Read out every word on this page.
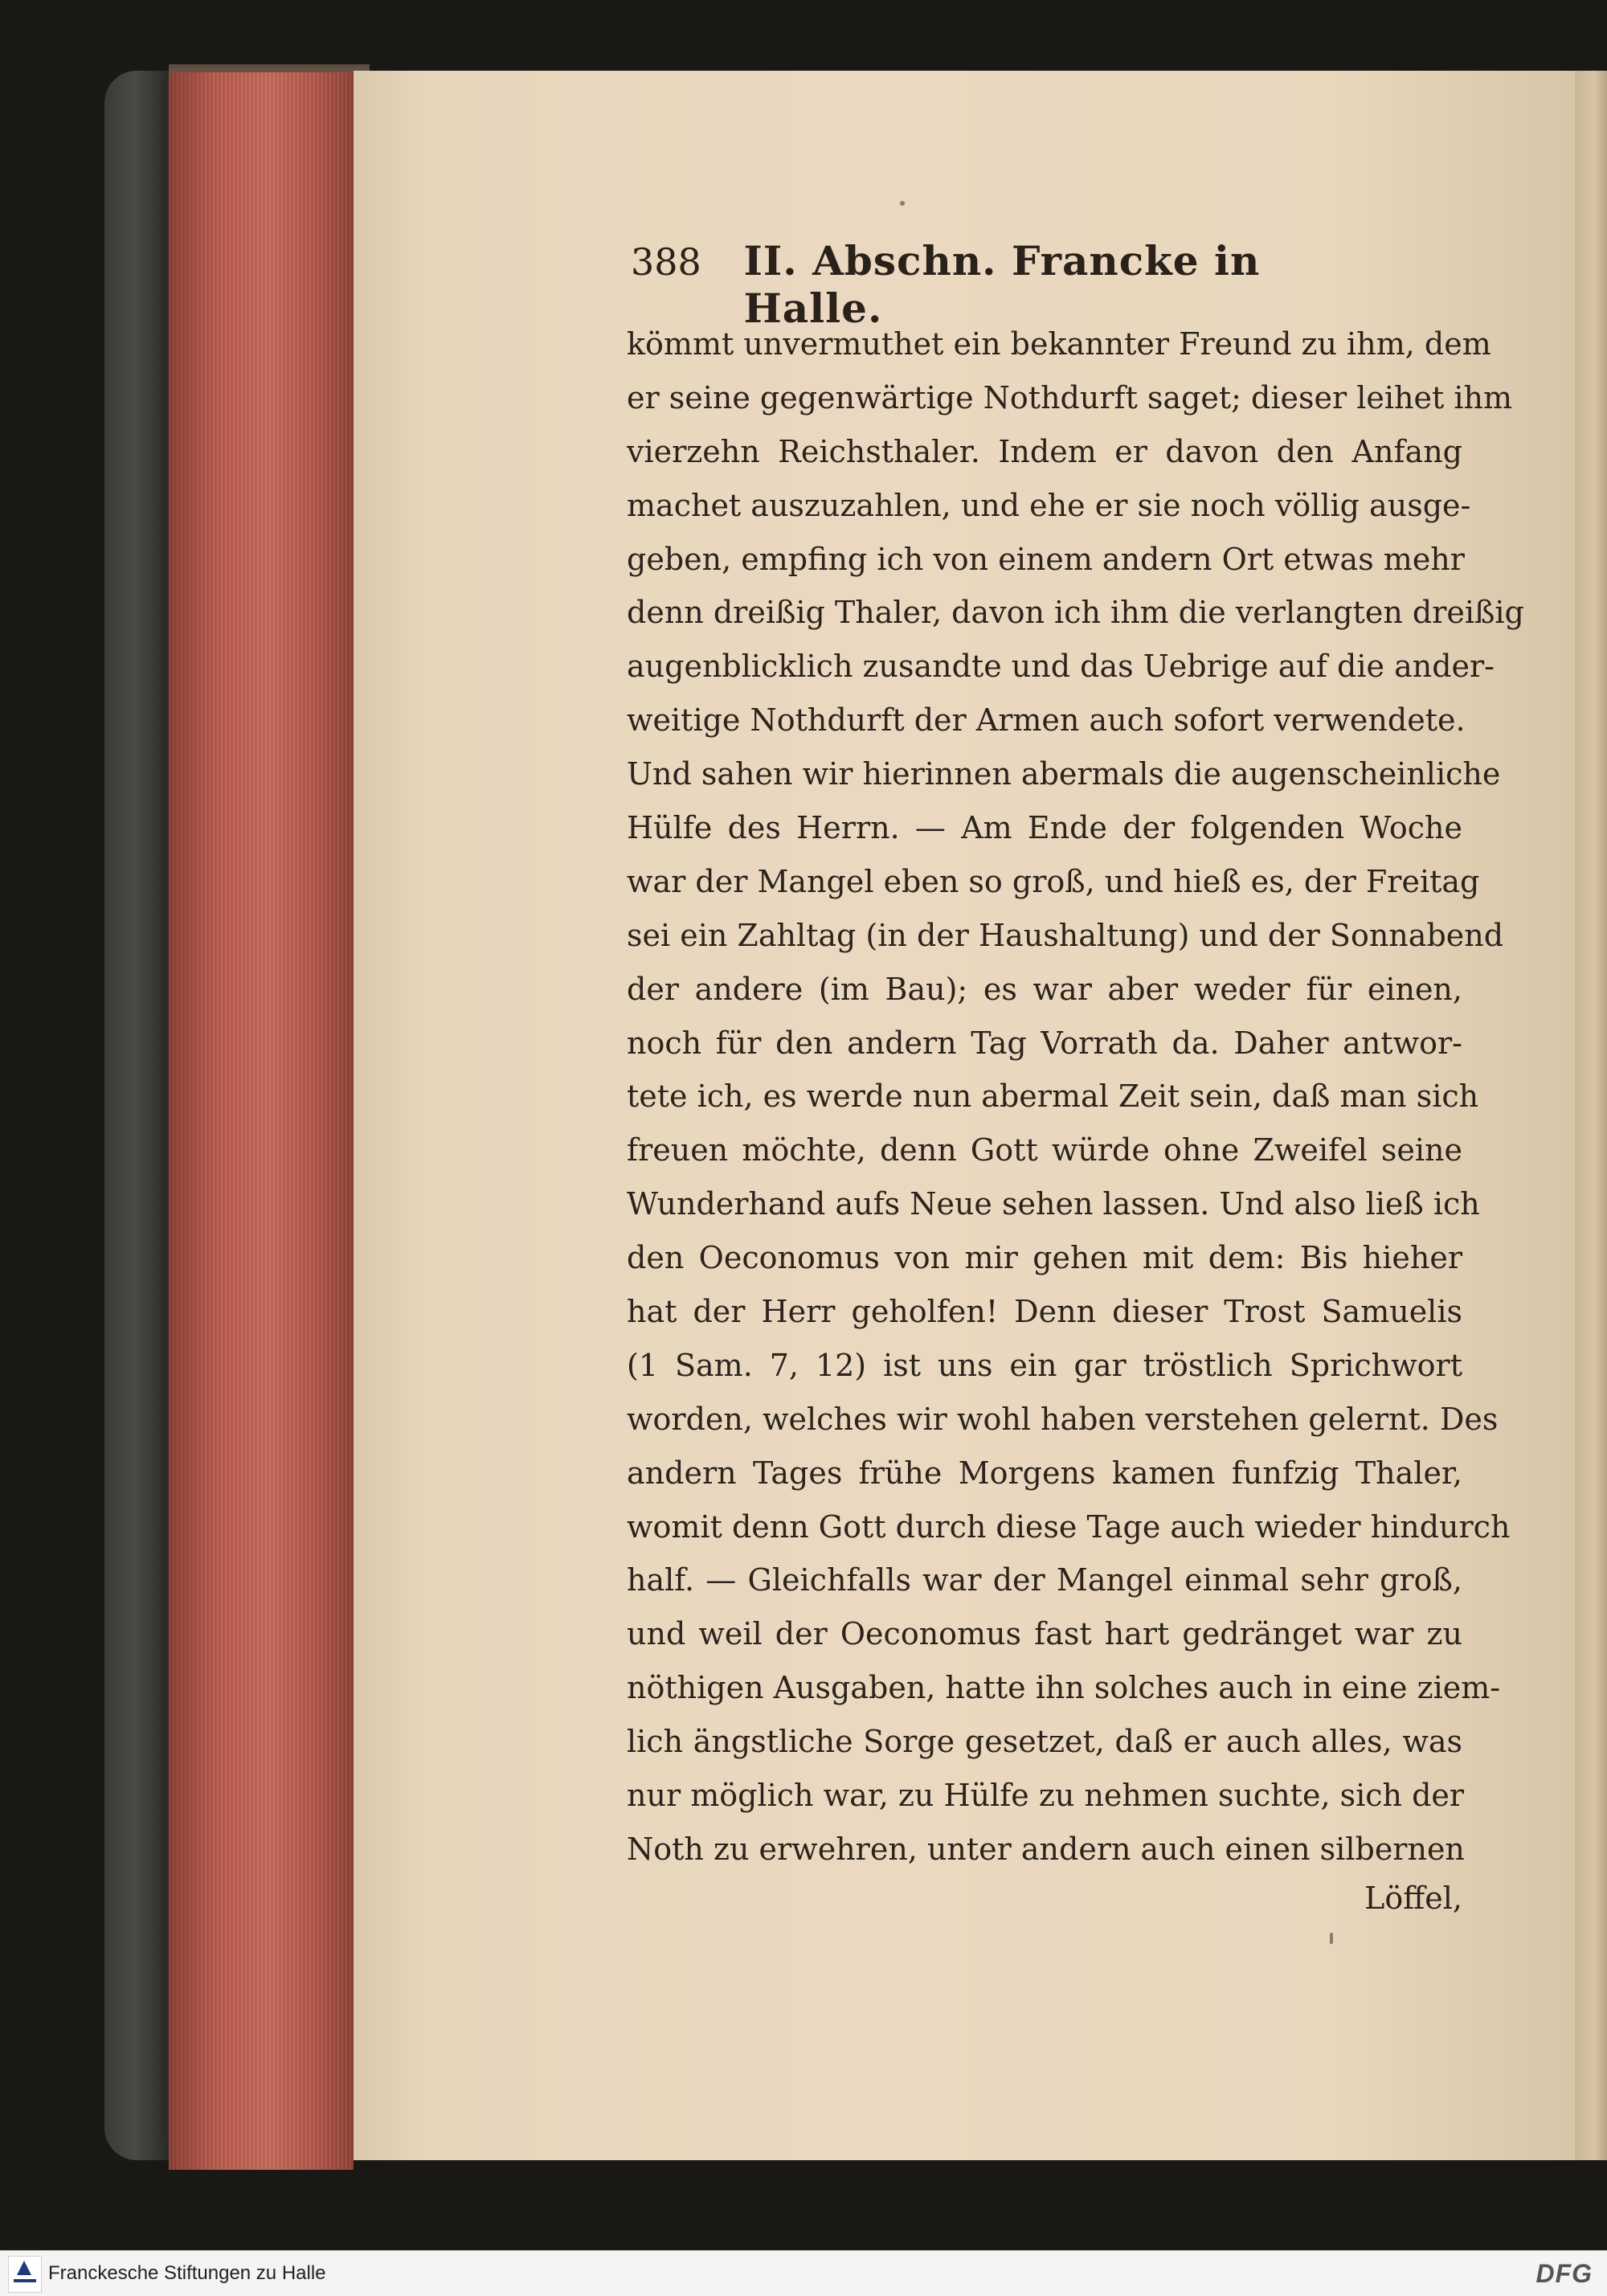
388	II. Abschn. Francke in Halle.
kömmt unvermuthet ein bekannter Freund zu ihm, dem
er seine gegenwärtige Nothdurft saget; dieser leihet ihm
vierzehn Reichsthaler. Indem er davon den Anfang
machet auszuzahlen, und ehe er sie noch völlig ausge-
geben, empfing ich von einem andern Ort etwas mehr
denn dreißig Thaler, davon ich ihm die verlangten dreißig
augenblicklich zusandte und das Uebrige auf die ander-
weitige Nothdurft der Armen auch sofort verwendete.
Und sahen wir hierinnen abermals die augenscheinliche
Hülfe des Herrn. — Am Ende der folgenden Woche
war der Mangel eben so groß, und hieß es, der Freitag
sei ein Zahltag (in der Haushaltung) und der Sonnabend
der andere (im Bau); es war aber weder für einen,
noch für den andern Tag Vorrath da. Daher antwor-
tete ich, es werde nun abermal Zeit sein, daß man sich
freuen möchte, denn Gott würde ohne Zweifel seine
Wunderhand aufs Neue sehen lassen. Und also ließ ich
den Oeconomus von mir gehen mit dem: Bis hieher
hat der Herr geholfen! Denn dieser Trost Samuelis
(1 Sam. 7, 12) ist uns ein gar tröstlich Sprichwort
worden, welches wir wohl haben verstehen gelernt. Des
andern Tages frühe Morgens kamen funfzig Thaler,
womit denn Gott durch diese Tage auch wieder hindurch
half. — Gleichfalls war der Mangel einmal sehr groß,
und weil der Oeconomus fast hart gedränget war zu
nöthigen Ausgaben, hatte ihn solches auch in eine ziem-
lich ängstliche Sorge gesetzet, daß er auch alles, was
nur möglich war, zu Hülfe zu nehmen suchte, sich der
Noth zu erwehren, unter andern auch einen silbernen
Löffel,
Franckesche Stiftungen zu Halle	DFG
